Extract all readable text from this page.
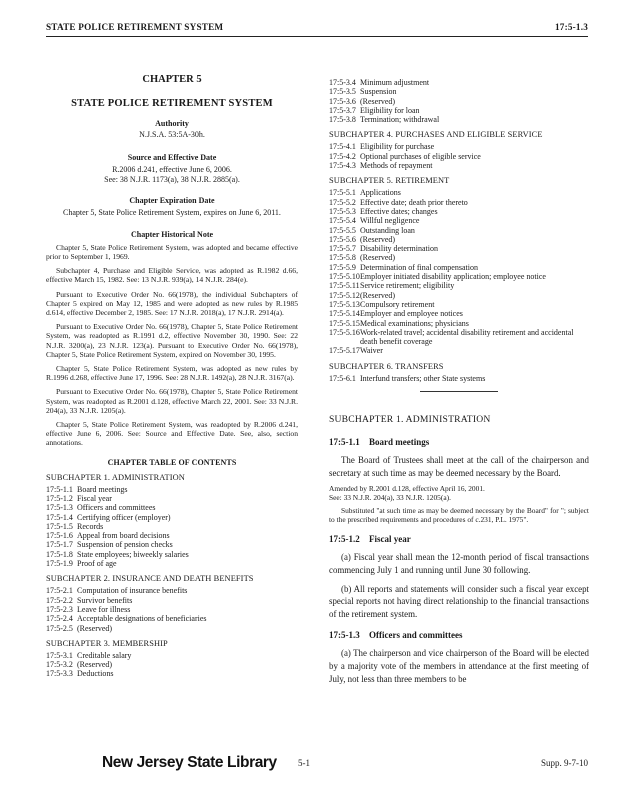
STATE POLICE RETIREMENT SYSTEM	17:5-1.3
CHAPTER 5
STATE POLICE RETIREMENT SYSTEM
Authority
N.J.S.A. 53:5A-30h.
Source and Effective Date
R.2006 d.241, effective June 6, 2006.
See: 38 N.J.R. 1173(a), 38 N.J.R. 2885(a).
Chapter Expiration Date
Chapter 5, State Police Retirement System, expires on June 6, 2011.
Chapter Historical Note

Chapter 5, State Police Retirement System, was adopted and became effective prior to September 1, 1969.

Subchapter 4, Purchase and Eligible Service, was adopted as R.1982 d.66, effective March 15, 1982. See: 13 N.J.R. 939(a), 14 N.J.R. 284(e).

Pursuant to Executive Order No. 66(1978), the individual Subchapters of Chapter 5 expired on May 12, 1985 and were adopted as new rules by R.1985 d.614, effective December 2, 1985. See: 17 N.J.R. 2018(a), 17 N.J.R. 2914(a).

Pursuant to Executive Order No. 66(1978), Chapter 5, State Police Retirement System, was readopted as R.1991 d.2, effective November 30, 1990. See: 22 N.J.R. 3200(a), 23 N.J.R. 123(a). Pursuant to Executive Order No. 66(1978), Chapter 5, State Police Retirement System, expired on November 30, 1995.

Chapter 5, State Police Retirement System, was adopted as new rules by R.1996 d.268, effective June 17, 1996. See: 28 N.J.R. 1492(a), 28 N.J.R. 3167(a).

Pursuant to Executive Order No. 66(1978), Chapter 5, State Police Retirement System, was readopted as R.2001 d.128, effective March 22, 2001. See: 33 N.J.R. 204(a), 33 N.J.R. 1205(a).

Chapter 5, State Police Retirement System, was readopted by R.2006 d.241, effective June 6, 2006. See: Source and Effective Date. See, also, section annotations.

CHAPTER TABLE OF CONTENTS
SUBCHAPTER 1. ADMINISTRATION
17:5-1.1 Board meetings
17:5-1.2 Fiscal year
17:5-1.3 Officers and committees
17:5-1.4 Certifying officer (employer)
17:5-1.5 Records
17:5-1.6 Appeal from board decisions
17:5-1.7 Suspension of pension checks
17:5-1.8 State employees; biweekly salaries
17:5-1.9 Proof of age
SUBCHAPTER 2. INSURANCE AND DEATH BENEFITS
17:5-2.1 Computation of insurance benefits
17:5-2.2 Survivor benefits
17:5-2.3 Leave for illness
17:5-2.4 Acceptable designations of beneficiaries
17:5-2.5 (Reserved)
SUBCHAPTER 3. MEMBERSHIP
17:5-3.1 Creditable salary
17:5-3.2 (Reserved)
17:5-3.3 Deductions
17:5-3.4 Minimum adjustment
17:5-3.5 Suspension
17:5-3.6 (Reserved)
17:5-3.7 Eligibility for loan
17:5-3.8 Termination; withdrawal
SUBCHAPTER 4. PURCHASES AND ELIGIBLE SERVICE
17:5-4.1 Eligibility for purchase
17:5-4.2 Optional purchases of eligible service
17:5-4.3 Methods of repayment
SUBCHAPTER 5. RETIREMENT
17:5-5.1 Applications
17:5-5.2 Effective date; death prior thereto
17:5-5.3 Effective dates; changes
17:5-5.4 Willful negligence
17:5-5.5 Outstanding loan
17:5-5.6 (Reserved)
17:5-5.7 Disability determination
17:5-5.8 (Reserved)
17:5-5.9 Determination of final compensation
17:5-5.10 Employer initiated disability application; employee notice
17:5-5.11 Service retirement; eligibility
17:5-5.12 (Reserved)
17:5-5.13 Compulsory retirement
17:5-5.14 Employer and employee notices
17:5-5.15 Medical examinations; physicians
17:5-5.16 Work-related travel; accidental disability retirement and accidental death benefit coverage
17:5-5.17 Waiver
SUBCHAPTER 6. TRANSFERS
17:5-6.1 Interfund transfers; other State systems
SUBCHAPTER 1. ADMINISTRATION
17:5-1.1 Board meetings

The Board of Trustees shall meet at the call of the chairperson and secretary at such time as may be deemed necessary by the Board.

Amended by R.2001 d.128, effective April 16, 2001.
See: 33 N.J.R. 204(a), 33 N.J.R. 1205(a).

Substituted "at such time as may be deemed necessary by the Board" for "; subject to the prescribed requirements and procedures of c.231, P.L. 1975".

17:5-1.2 Fiscal year

(a) Fiscal year shall mean the 12-month period of fiscal transactions commencing July 1 and running until June 30 following.

(b) All reports and statements will consider such a fiscal year except special reports not having direct relationship to the financial transactions of the retirement system.

17:5-1.3 Officers and committees

(a) The chairperson and vice chairperson of the Board will be elected by a majority vote of the members in attendance at the first meeting of July, not less than three members to be

New Jersey State Library 5-1	Supp. 9-7-10
